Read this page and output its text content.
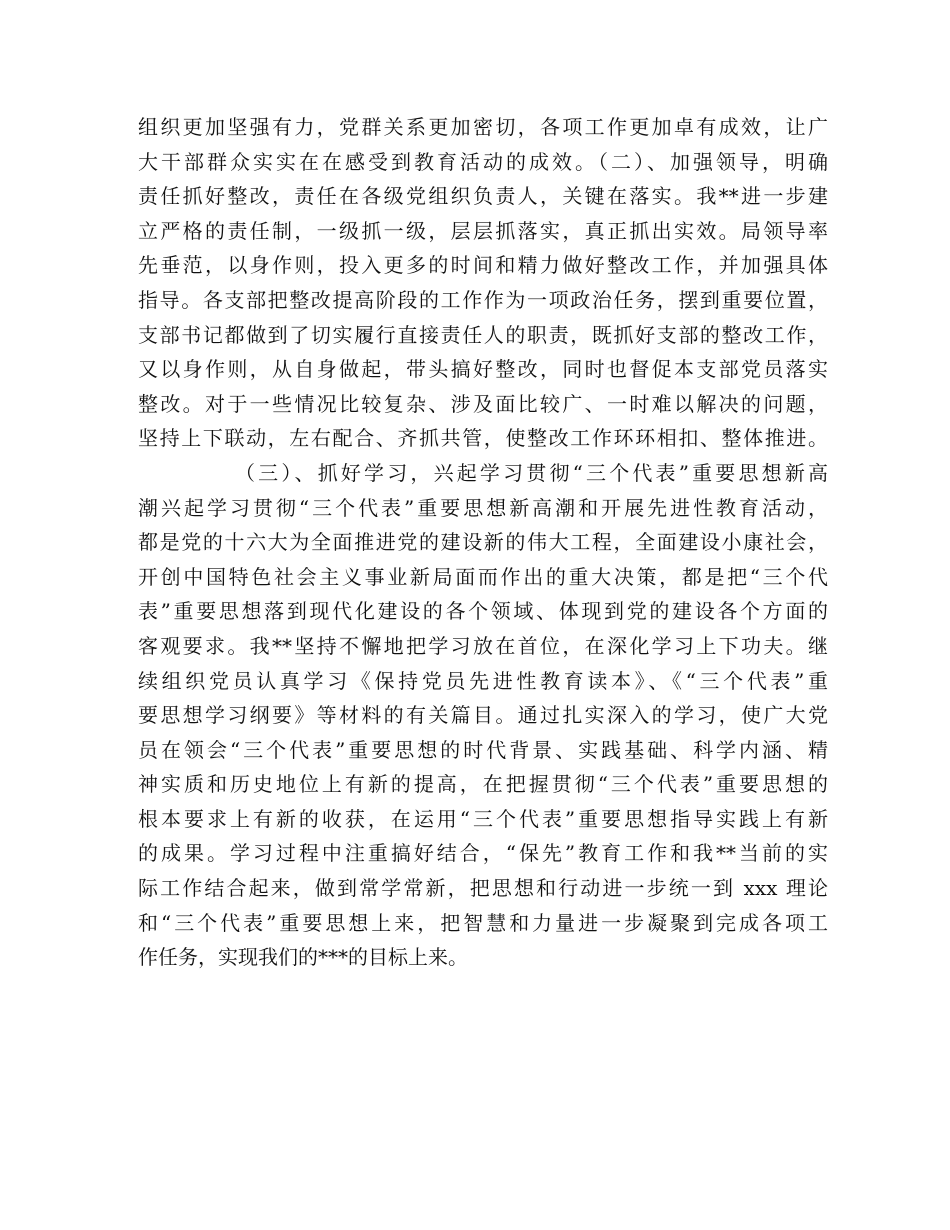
组织更加坚强有力，党群关系更加密切，各项工作更加卓有成效，让广
大干部群众实实在在感受到教育活动的成效。（二）、加强领导，明确
责任抓好整改，责任在各级党组织负责人，关键在落实。我**进一步建
立严格的责任制，一级抓一级，层层抓落实，真正抓出实效。局领导率
先垂范，以身作则，投入更多的时间和精力做好整改工作，并加强具体
指导。各支部把整改提高阶段的工作作为一项政治任务，摆到重要位置，
支部书记都做到了切实履行直接责任人的职责，既抓好支部的整改工作，
又以身作则，从自身做起，带头搞好整改，同时也督促本支部党员落实
整改。对于一些情况比较复杂、涉及面比较广、一时难以解决的问题，
坚持上下联动，左右配合、齐抓共管，使整改工作环环相扣、整体推进。
（三）、抓好学习，兴起学习贯彻“三个代表”重要思想新高
潮兴起学习贯彻“三个代表”重要思想新高潮和开展先进性教育活动，
都是党的十六大为全面推进党的建设新的伟大工程，全面建设小康社会，
开创中国特色社会主义事业新局面而作出的重大决策，都是把“三个代
表”重要思想落到现代化建设的各个领域、体现到党的建设各个方面的
客观要求。我**坚持不懈地把学习放在首位，在深化学习上下功夫。继
续组织党员认真学习《保持党员先进性教育读本》、《“三个代表”重
要思想学习纲要》等材料的有关篇目。通过扎实深入的学习，使广大党
员在领会“三个代表”重要思想的时代背景、实践基础、科学内涵、精
神实质和历史地位上有新的提高，在把握贯彻“三个代表”重要思想的
根本要求上有新的收获，在运用“三个代表”重要思想指导实践上有新
的成果。学习过程中注重搞好结合，“保先”教育工作和我**当前的实
际工作结合起来，做到常学常新，把思想和行动进一步统一到 xxx 理论
和“三个代表”重要思想上来，把智慧和力量进一步凝聚到完成各项工
作任务，实现我们的***的目标上来。
